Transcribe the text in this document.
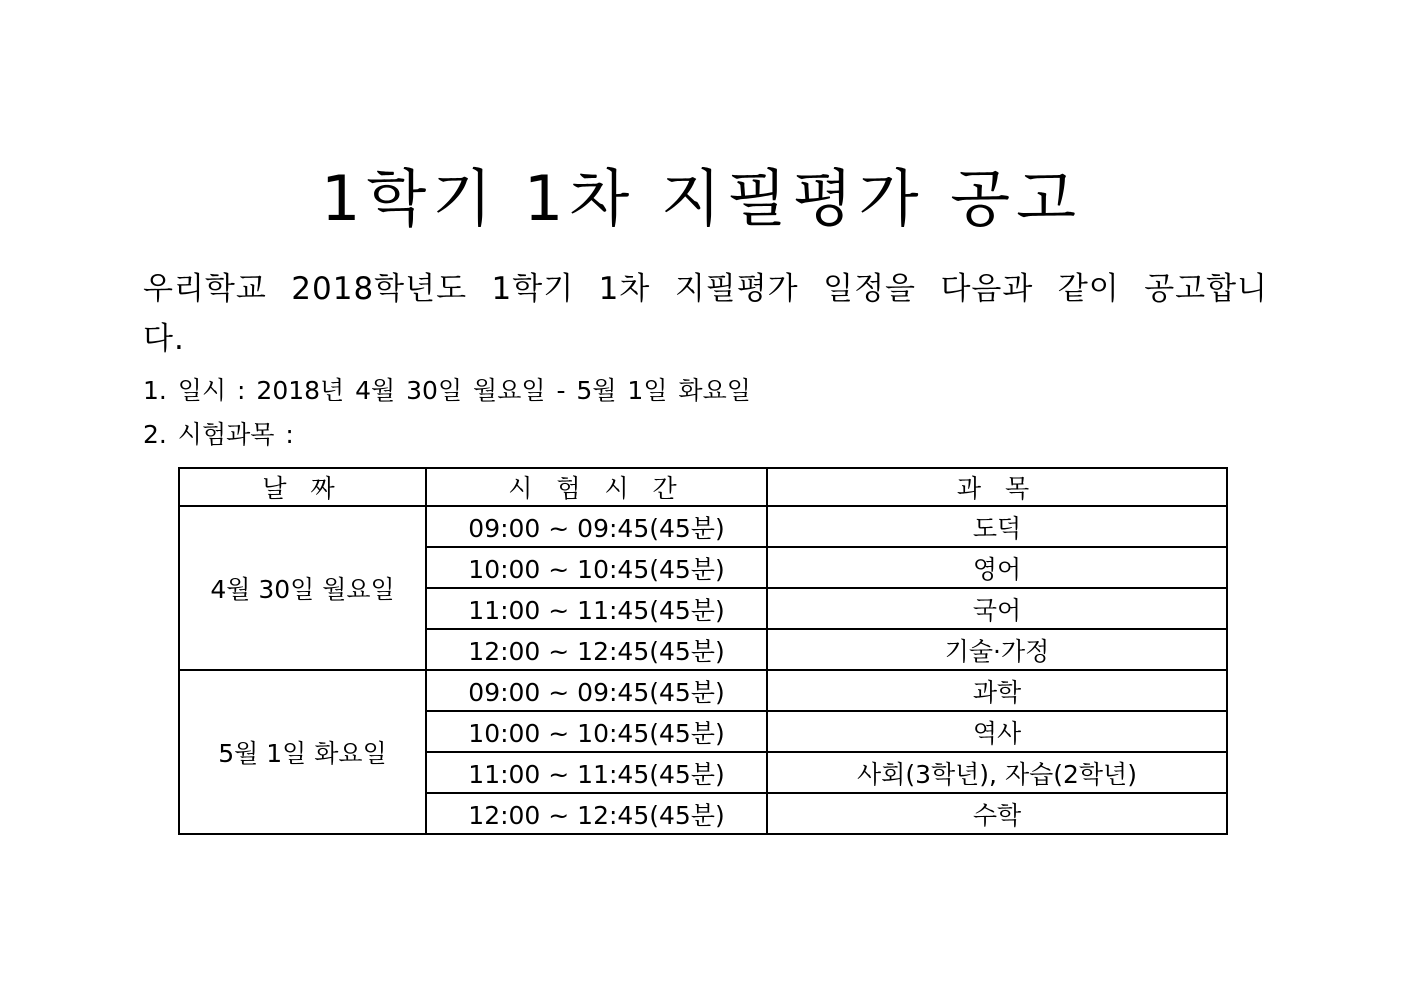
1학기 1차 지필평가 공고
우리학교 2018학년도 1학기 1차 지필평가 일정을 다음과 같이 공고합니
다.
1. 일시 : 2018년 4월 30일 월요일 - 5월 1일 화요일
2. 시험과목 :
날 짜	시 험 시 간	과 목
4월 30일 월요일	09:00 ~ 09:45(45분)	도덕
	10:00 ~ 10:45(45분)	영어
	11:00 ~ 11:45(45분)	국어
	12:00 ~ 12:45(45분)	기술·가정
5월 1일 화요일	09:00 ~ 09:45(45분)	과학
	10:00 ~ 10:45(45분)	역사
	11:00 ~ 11:45(45분)	사회(3학년), 자습(2학년)
	12:00 ~ 12:45(45분)	수학
